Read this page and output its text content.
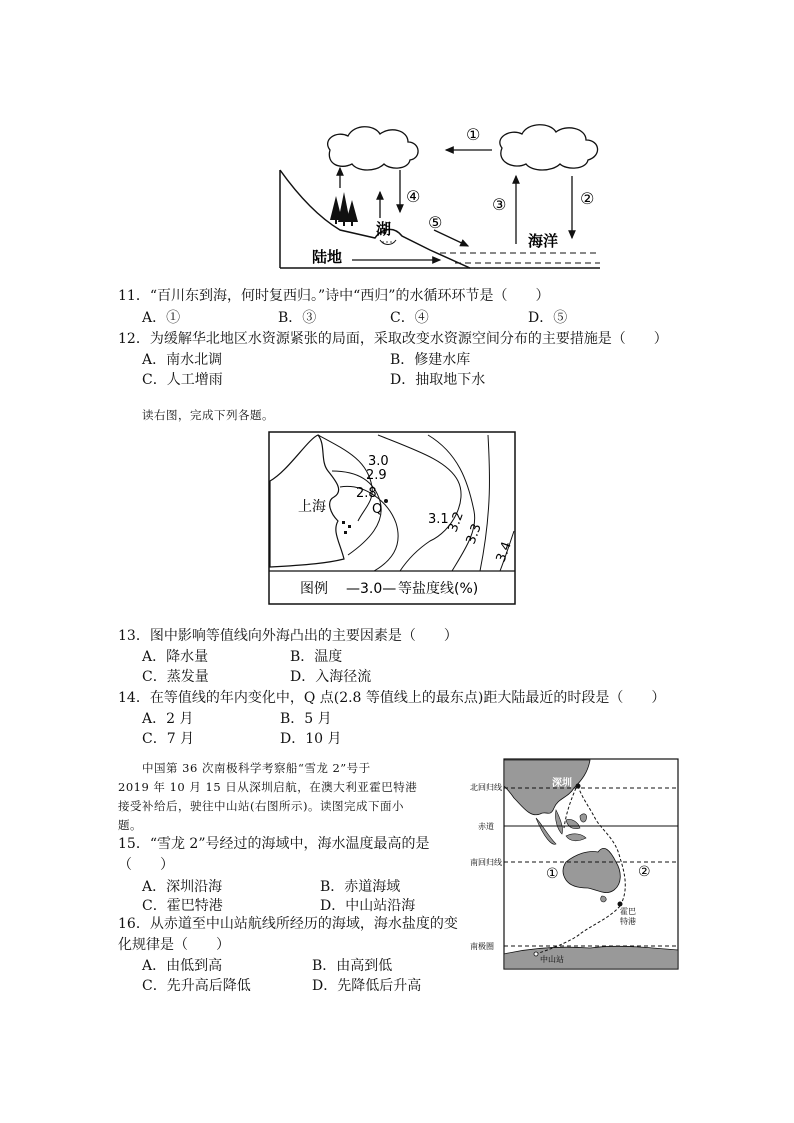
①
②
③
④
⑤
陆地
湖
海洋
11．“百川东到海，何时复西归。”诗中“西归”的水循环环节是（　　）
A．①	B．③	C．④	D．⑤
12．为缓解华北地区水资源紧张的局面，采取改变水资源空间分布的主要措施是（　　）
A．南水北调	B．修建水库
C．人工增雨	D．抽取地下水
读右图，完成下列各题。
3.0
2.9
2.8
3.1
3.2
3.3
3.4
上海	Q
图例 —3.0— 等盐度线(%)
13．图中影响等值线向外海凸出的主要因素是（　　）
A．降水量	B．温度
C．蒸发量	D．入海径流
14．在等值线的年内变化中，Q 点(2.8 等值线上的最东点)距大陆最近的时段是（　　）
A．2 月	B．5 月
C．7 月	D．10 月
中国第 36 次南极科学考察船“雪龙 2”号于
2019 年 10 月 15 日从深圳启航，在澳大利亚霍巴特港
接受补给后，驶往中山站(右图所示)。读图完成下面小
题。
15．“雪龙 2”号经过的海域中，海水温度最高的是
（　　）
A．深圳沿海	B．赤道海域
C．霍巴特港	D．中山站沿海
16．从赤道至中山站航线所经历的海域，海水盐度的变
化规律是（　　）
A．由低到高	B．由高到低
C．先升高后降低	D．先降低后升高
①	②
北回归线
赤道
南回归线
南极圈
深圳
霍巴
特港
中山站
